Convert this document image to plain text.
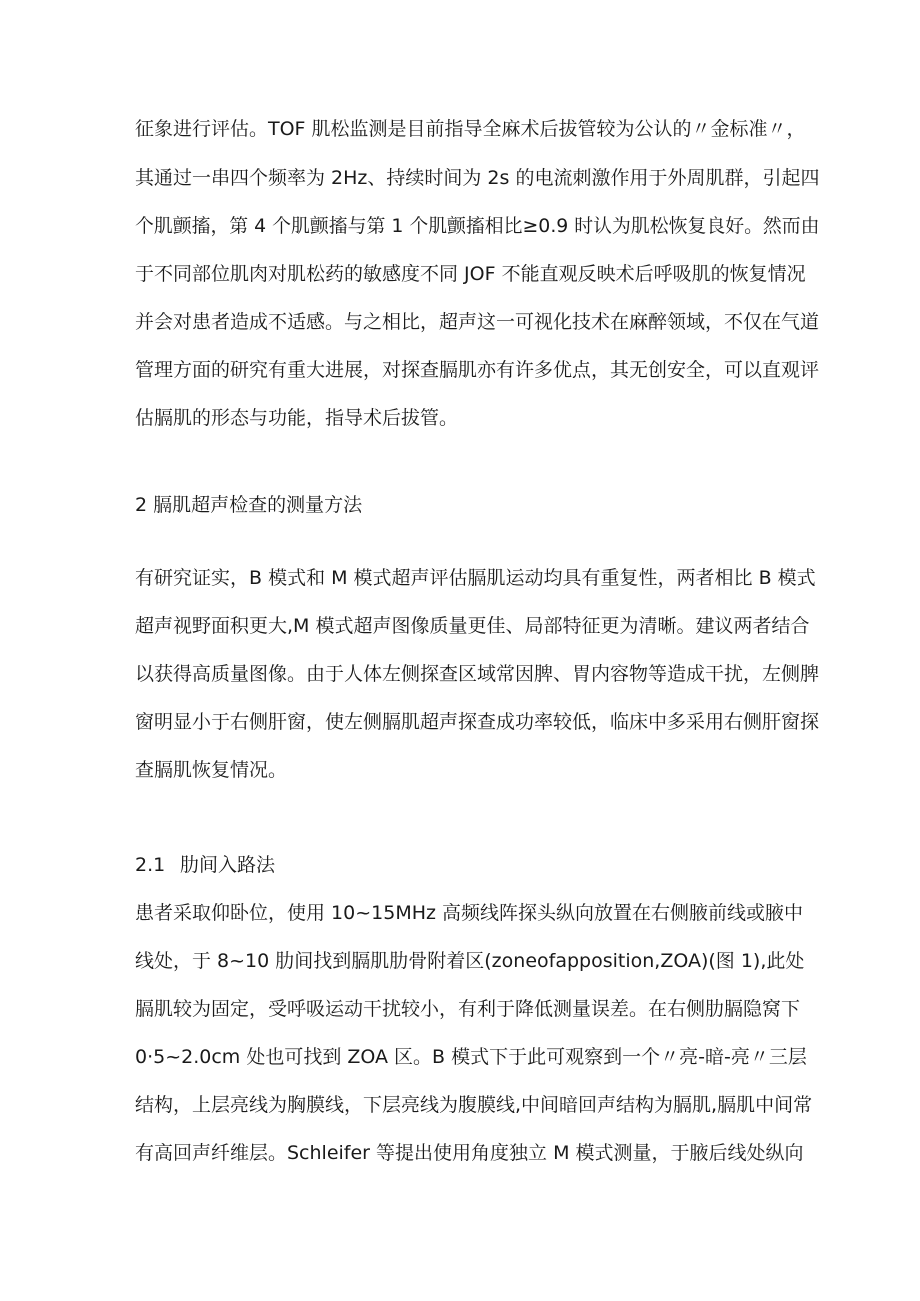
征象进行评估。TOF 肌松监测是目前指导全麻术后拔管较为公认的〃金标准〃，
其通过一串四个频率为 2Hz、持续时间为 2s 的电流刺激作用于外周肌群，引起四
个肌颤搐，第 4 个肌颤搐与第 1 个肌颤搐相比≥0.9 时认为肌松恢复良好。然而由
于不同部位肌肉对肌松药的敏感度不同 JOF 不能直观反映术后呼吸肌的恢复情况
并会对患者造成不适感。与之相比，超声这一可视化技术在麻醉领域，不仅在气道
管理方面的研究有重大进展，对探查膈肌亦有许多优点，其无创安全，可以直观评
估膈肌的形态与功能，指导术后拔管。
2 膈肌超声检查的测量方法
有研究证实，B 模式和 M 模式超声评估膈肌运动均具有重复性，两者相比 B 模式
超声视野面积更大,M 模式超声图像质量更佳、局部特征更为清晰。建议两者结合
以获得高质量图像。由于人体左侧探查区域常因脾、胃内容物等造成干扰，左侧脾
窗明显小于右侧肝窗，使左侧膈肌超声探查成功率较低，临床中多采用右侧肝窗探
查膈肌恢复情况。
2.1 肋间入路法
患者采取仰卧位，使用 10~15MHz 高频线阵探头纵向放置在右侧腋前线或腋中
线处，于 8~10 肋间找到膈肌肋骨附着区(zoneofapposition,ZOA)(图 1),此处
膈肌较为固定，受呼吸运动干扰较小，有利于降低测量误差。在右侧肋膈隐窝下
0·5~2.0cm 处也可找到 ZOA 区。B 模式下于此可观察到一个〃亮-暗-亮〃三层
结构，上层亮线为胸膜线，下层亮线为腹膜线,中间暗回声结构为膈肌,膈肌中间常
有高回声纤维层。Schleifer 等提出使用角度独立 M 模式测量，于腋后线处纵向
